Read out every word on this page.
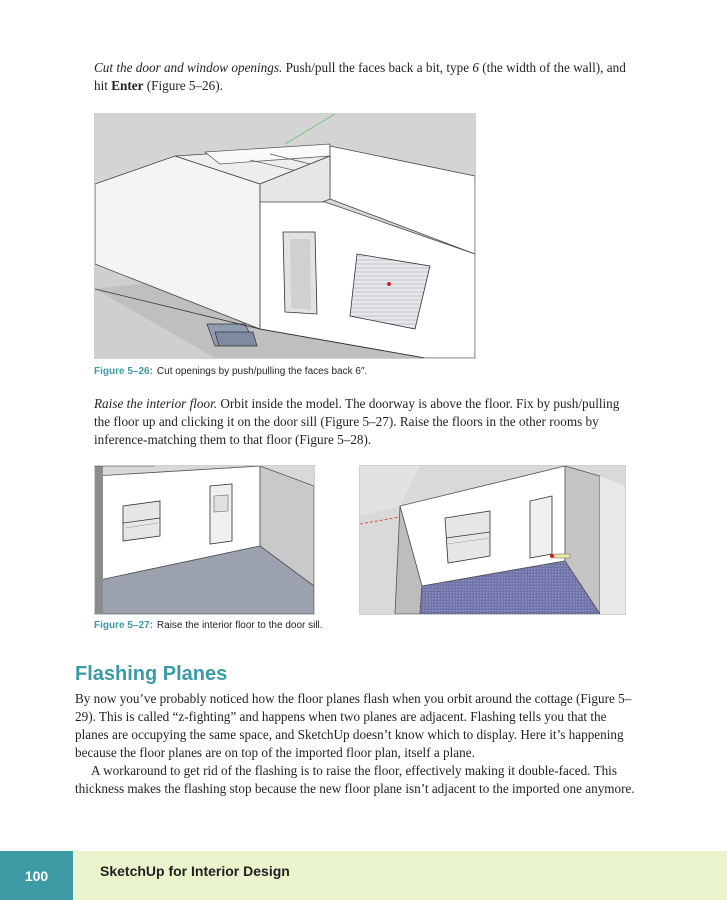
Cut the door and window openings. Push/pull the faces back a bit, type 6 (the width of the wall), and hit Enter (Figure 5–26).

Figure 5–26: Cut openings by push/pulling the faces back 6″.

Raise the interior floor. Orbit inside the model. The doorway is above the floor. Fix by push/pulling the floor up and clicking it on the door sill (Figure 5–27). Raise the floors in the other rooms by inference-matching them to that floor (Figure 5–28).

Figure 5–27: Raise the interior floor to the door sill.

Flashing Planes

By now you’ve probably noticed how the floor planes flash when you orbit around the cottage (Figure 5–29). This is called “z-fighting” and happens when two planes are adjacent. Flashing tells you that the planes are occupying the same space, and SketchUp doesn’t know which to display. Here it’s happening because the floor planes are on top of the imported floor plan, itself a plane.

A workaround to get rid of the flashing is to raise the floor, effectively making it double-faced. This thickness makes the flashing stop because the new floor plane isn’t adjacent to the imported one anymore.

100	SketchUp for Interior Design
